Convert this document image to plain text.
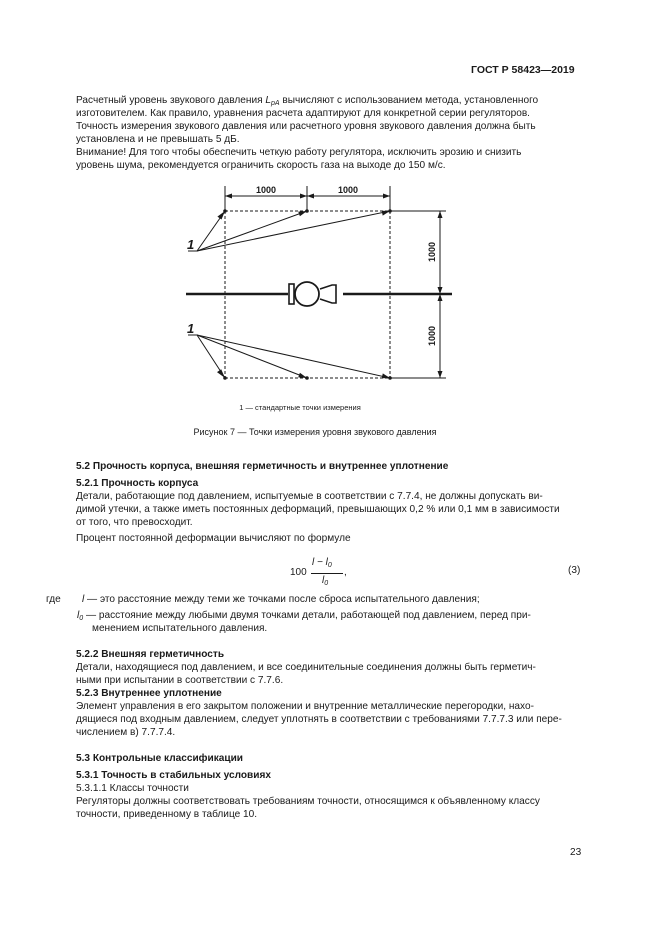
ГОСТ Р 58423—2019
Расчетный уровень звукового давления $L_{pA}$ вычисляют с использованием метода, установленного
изготовителем. Как правило, уравнения расчета адаптируют для конкретной серии регуляторов.
Точность измерения звукового давления или расчетного уровня звукового давления должна быть
установлена и не превышать 5 дБ.
Внимание! Для того чтобы обеспечить четкую работу регулятора, исключить эрозию и снизить
уровень шума, рекомендуется ограничить скорость газа на выходе до 150 м/с.
1000	1000
1000
1000
1
1
1 — стандартные точки измерения
Рисунок 7 — Точки измерения уровня звукового давления
5.2 Прочность корпуса, внешняя герметичность и внутреннее уплотнение
5.2.1 Прочность корпуса
Детали, работающие под давлением, испытуемые в соответствии с 7.7.4, не должны допускать ви-
димой утечки, а также иметь постоянных деформаций, превышающих 0,2 % или 0,1 мм в зависимости
от того, что превосходит.
Процент постоянной деформации вычисляют по формуле
100
$l - l_0$
$l_0$
,	(3)
где l — это расстояние между теми же точками после сброса испытательного давления;
$l_0$ — расстояние между любыми двумя точками детали, работающей под давлением, перед при-
менением испытательного давления.
5.2.2 Внешняя герметичность
Детали, находящиеся под давлением, и все соединительные соединения должны быть герметич-
ными при испытании в соответствии с 7.7.6.
5.2.3 Внутреннее уплотнение
Элемент управления в его закрытом положении и внутренние металлические перегородки, нахо-
дящиеся под входным давлением, следует уплотнять в соответствии с требованиями 7.7.7.3 или пере-
числением в) 7.7.7.4.
5.3 Контрольные классификации
5.3.1 Точность в стабильных условиях
5.3.1.1 Классы точности
Регуляторы должны соответствовать требованиям точности, относящимся к объявленному классу
точности, приведенному в таблице 10.
23
